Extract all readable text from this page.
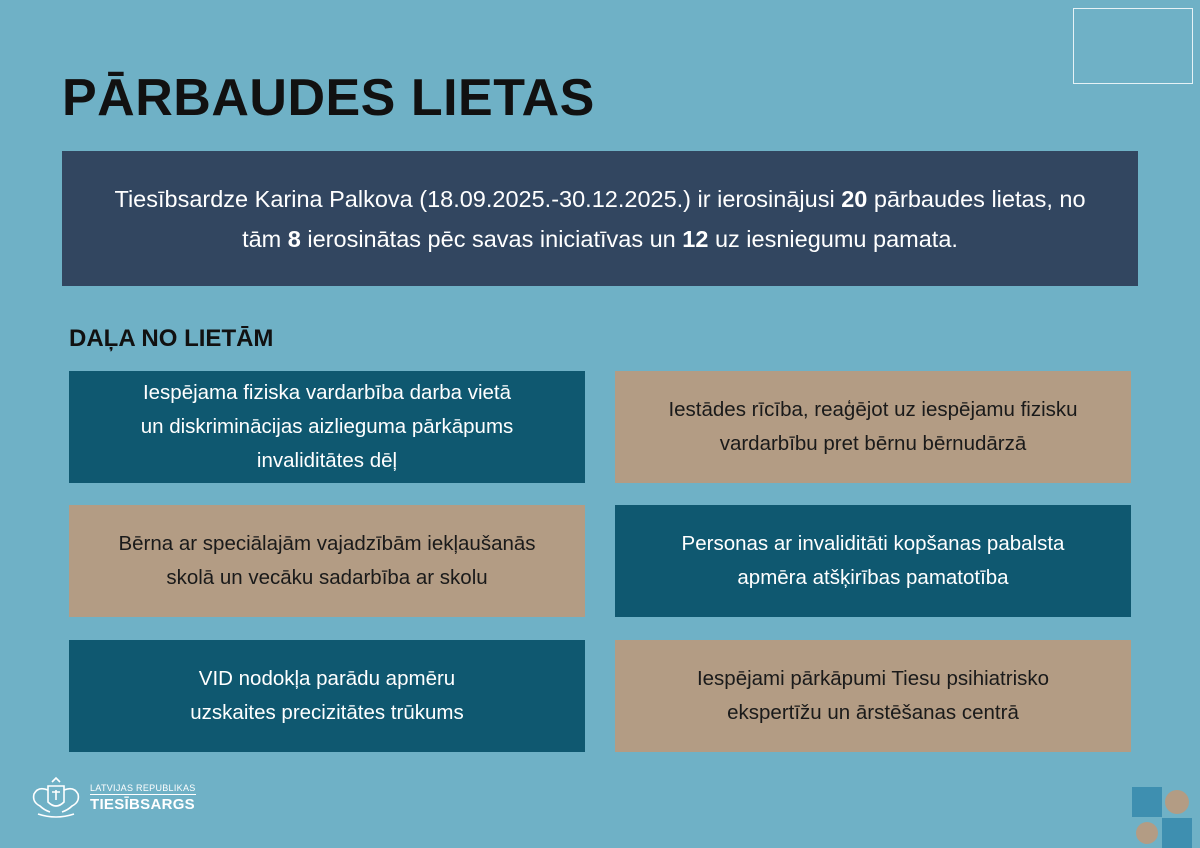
PĀRBAUDES LIETAS
Tiesībsardze Karina Palkova (18.09.2025.-30.12.2025.) ir ierosinājusi 20 pārbaudes lietas, no tām 8 ierosinātas pēc savas iniciatīvas un 12 uz iesniegumu pamata.
DAĻA NO LIETĀM
Iespējama fiziska vardarbība darba vietā
un diskriminācijas aizlieguma pārkāpums
invaliditātes dēļ
Iestādes rīcība, reaģējot uz iespējamu fizisku
vardarbību pret bērnu bērnudārzā
Bērna ar speciālajām vajadzībām iekļaušanās
skolā un vecāku sadarbība ar skolu
Personas ar invaliditāti kopšanas pabalsta
apmēra atšķirības pamatotība
VID nodokļa parādu apmēru
uzskaites precizitātes trūkums
Iespējami pārkāpumi Tiesu psihiatrisko
ekspertīžu un ārstēšanas centrā
LATVIJAS REPUBLIKAS
TIESĪBSARGS
